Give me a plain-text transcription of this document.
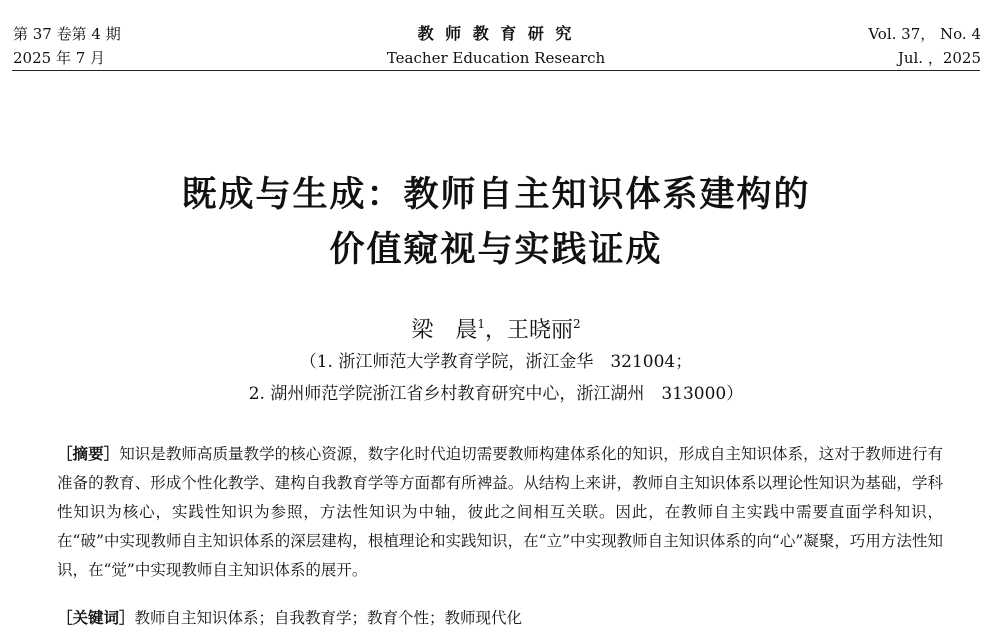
第 37 卷第 4 期
2025 年 7 月
教 师 教 育 研 究
Teacher Education Research
Vol. 37， No. 4
Jul. ，2025
既成与生成：教师自主知识体系建构的
价值窥视与实践证成
梁　晨$^1$，王晓丽$^2$
（1. 浙江师范大学教育学院，浙江金华　321004；
2. 湖州师范学院浙江省乡村教育研究中心，浙江湖州　313000）
［摘要］知识是教师高质量教学的核心资源，数字化时代迫切需要教师构建体系化的知识，形成自主知识体系，这对于教师进行有准备的教育、形成个性化教学、建构自我教育学等方面都有所裨益。从结构上来讲，教师自主知识体系以理论性知识为基础，学科性知识为核心，实践性知识为参照，方法性知识为中轴，彼此之间相互关联。因此，在教师自主实践中需要直面学科知识，在“破”中实现教师自主知识体系的深层建构，根植理论和实践知识，在“立”中实现教师自主知识体系的向“心”凝聚，巧用方法性知识，在“觉”中实现教师自主知识体系的展开。
［关键词］教师自主知识体系；自我教育学；教育个性；教师现代化
